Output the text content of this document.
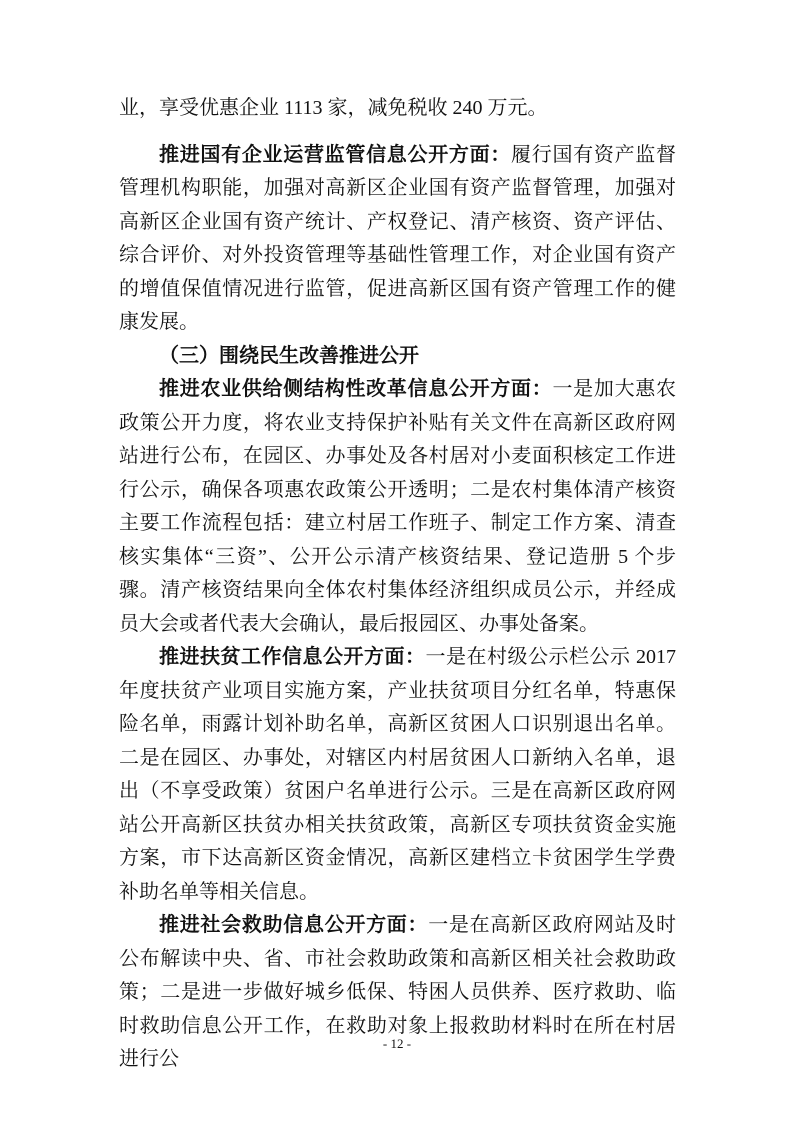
业，享受优惠企业 1113 家，减免税收 240 万元。

推进国有企业运营监管信息公开方面：履行国有资产监督管理机构职能，加强对高新区企业国有资产监督管理，加强对高新区企业国有资产统计、产权登记、清产核资、资产评估、综合评价、对外投资管理等基础性管理工作，对企业国有资产的增值保值情况进行监管，促进高新区国有资产管理工作的健康发展。

（三）围绕民生改善推进公开

推进农业供给侧结构性改革信息公开方面：一是加大惠农政策公开力度，将农业支持保护补贴有关文件在高新区政府网站进行公布，在园区、办事处及各村居对小麦面积核定工作进行公示，确保各项惠农政策公开透明；二是农村集体清产核资主要工作流程包括：建立村居工作班子、制定工作方案、清查核实集体“三资”、公开公示清产核资结果、登记造册 5 个步骤。清产核资结果向全体农村集体经济组织成员公示，并经成员大会或者代表大会确认，最后报园区、办事处备案。

推进扶贫工作信息公开方面：一是在村级公示栏公示 2017 年度扶贫产业项目实施方案，产业扶贫项目分红名单，特惠保险名单，雨露计划补助名单，高新区贫困人口识别退出名单。二是在园区、办事处，对辖区内村居贫困人口新纳入名单，退出（不享受政策）贫困户名单进行公示。三是在高新区政府网站公开高新区扶贫办相关扶贫政策，高新区专项扶贫资金实施方案，市下达高新区资金情况，高新区建档立卡贫困学生学费补助名单等相关信息。

推进社会救助信息公开方面：一是在高新区政府网站及时公布解读中央、省、市社会救助政策和高新区相关社会救助政策；二是进一步做好城乡低保、特困人员供养、医疗救助、临时救助信息公开工作，在救助对象上报救助材料时在所在村居进行公

- 12 -
